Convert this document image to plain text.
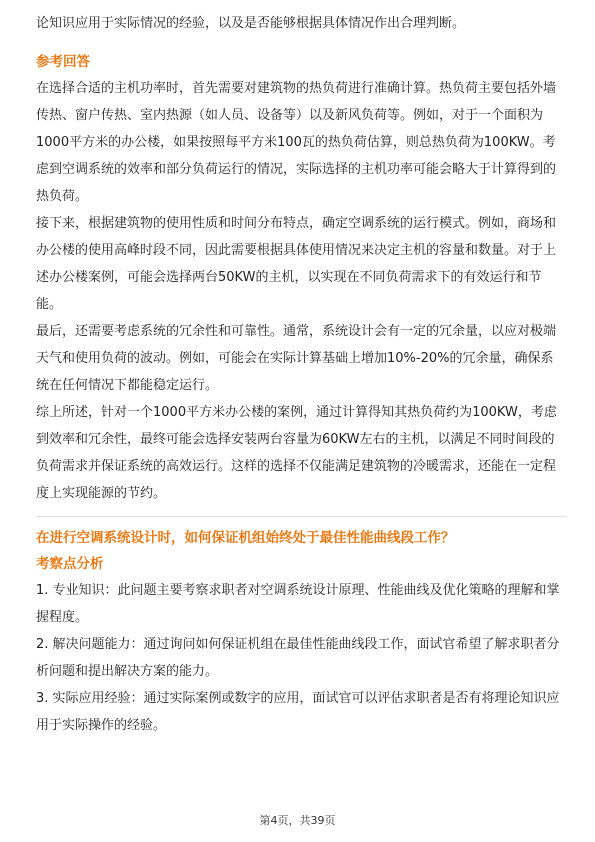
论知识应用于实际情况的经验，以及是否能够根据具体情况作出合理判断。

参考回答

在选择合适的主机功率时，首先需要对建筑物的热负荷进行准确计算。热负荷主要包括外墙传热、窗户传热、室内热源（如人员、设备等）以及新风负荷等。例如，对于一个面积为1000平方米的办公楼，如果按照每平方米100瓦的热负荷估算，则总热负荷为100KW。考虑到空调系统的效率和部分负荷运行的情况，实际选择的主机功率可能会略大于计算得到的热负荷。

接下来，根据建筑物的使用性质和时间分布特点，确定空调系统的运行模式。例如，商场和办公楼的使用高峰时段不同，因此需要根据具体使用情况来决定主机的容量和数量。对于上述办公楼案例，可能会选择两台50KW的主机，以实现在不同负荷需求下的有效运行和节能。

最后，还需要考虑系统的冗余性和可靠性。通常，系统设计会有一定的冗余量，以应对极端天气和使用负荷的波动。例如，可能会在实际计算基础上增加10%-20%的冗余量，确保系统在任何情况下都能稳定运行。

综上所述，针对一个1000平方米办公楼的案例，通过计算得知其热负荷约为100KW，考虑到效率和冗余性，最终可能会选择安装两台容量为60KW左右的主机，以满足不同时间段的负荷需求并保证系统的高效运行。这样的选择不仅能满足建筑物的冷暖需求，还能在一定程度上实现能源的节约。

在进行空调系统设计时，如何保证机组始终处于最佳性能曲线段工作？
考察点分析

1. 专业知识：此问题主要考察求职者对空调系统设计原理、性能曲线及优化策略的理解和掌握程度。

2. 解决问题能力：通过询问如何保证机组在最佳性能曲线段工作，面试官希望了解求职者分析问题和提出解决方案的能力。

3. 实际应用经验：通过实际案例或数字的应用，面试官可以评估求职者是否有将理论知识应用于实际操作的经验。

第4页，共39页
